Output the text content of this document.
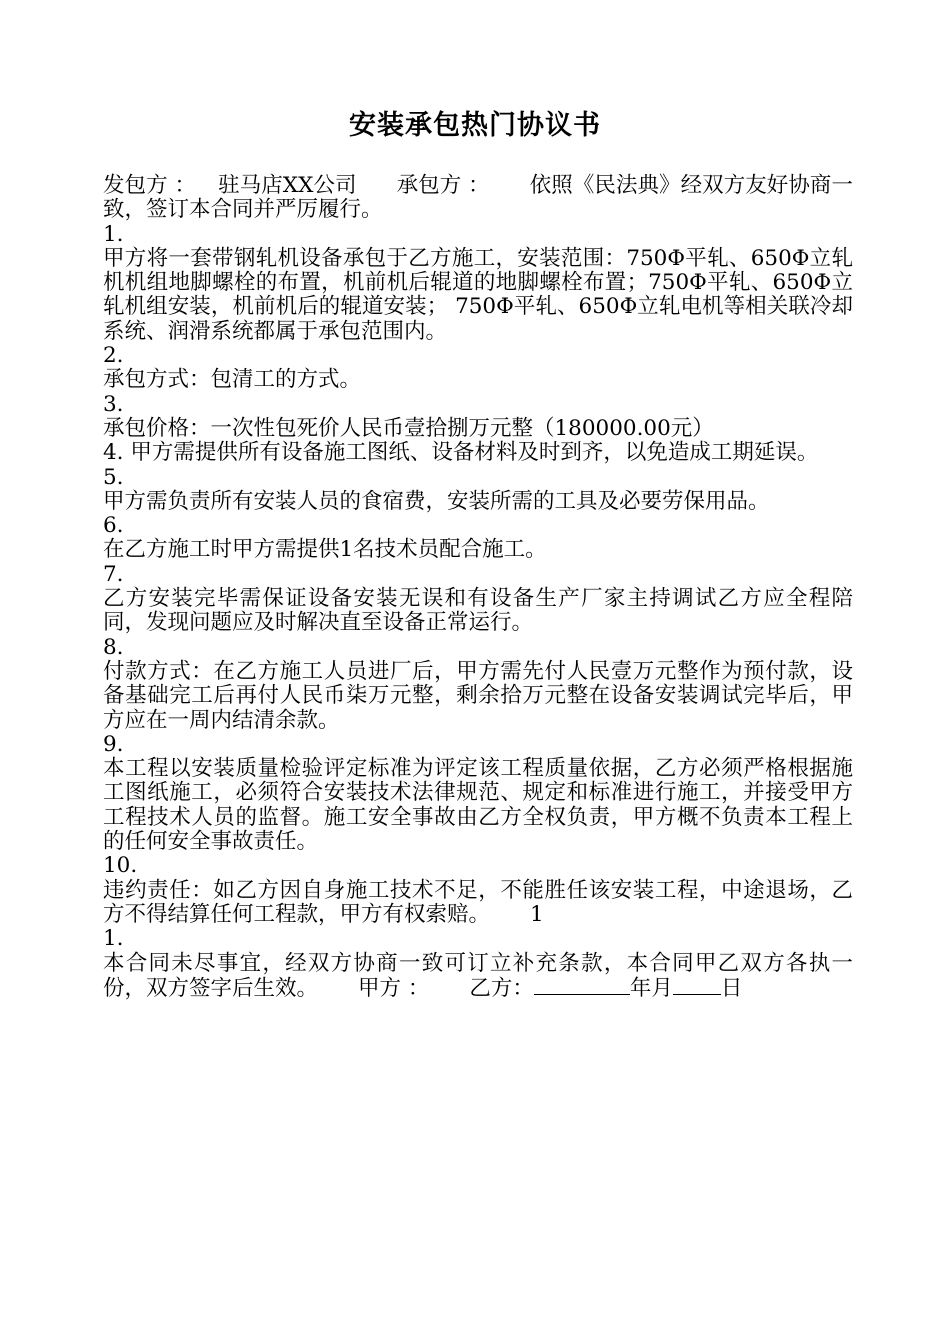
安装承包热门协议书

发包方 ： 驻马店XX公司 承包方 ： 依照《民法典》经双方友好协商一致，签订本合同并严厉履行。

1.

甲方将一套带钢轧机设备承包于乙方施工，安装范围：750Φ平轧、650Φ立轧机机组地脚螺栓的布置，机前机后辊道的地脚螺栓布置；750Φ平轧、650Φ立轧机组安装，机前机后的辊道安装； 750Φ平轧、650Φ立轧电机等相关联冷却系统、润滑系统都属于承包范围内。

2.

承包方式：包清工的方式。

3.

承包价格：一次性包死价人民币壹拾捌万元整（180000.00元）

4. 甲方需提供所有设备施工图纸、设备材料及时到齐，以免造成工期延误。

5.

甲方需负责所有安装人员的食宿费，安装所需的工具及必要劳保用品。

6.

在乙方施工时甲方需提供1名技术员配合施工。

7.

乙方安装完毕需保证设备安装无误和有设备生产厂家主持调试乙方应全程陪同，发现问题应及时解决直至设备正常运行。

8.

付款方式：在乙方施工人员进厂后，甲方需先付人民壹万元整作为预付款，设备基础完工后再付人民币柒万元整，剩余拾万元整在设备安装调试完毕后，甲方应在一周内结清余款。

9.

本工程以安装质量检验评定标准为评定该工程质量依据，乙方必须严格根据施工图纸施工，必须符合安装技术法律规范、规定和标准进行施工，并接受甲方工程技术人员的监督。施工安全事故由乙方全权负责，甲方概不负责本工程上的任何安全事故责任。

10.

违约责任：如乙方因自身施工技术不足，不能胜任该安装工程，中途退场，乙方不得结算任何工程款，甲方有权索赔。 1

1.

本合同未尽事宜，经双方协商一致可订立补充条款，本合同甲乙双方各执一份，双方签字后生效。 甲方 ： 乙方：	年月 日
